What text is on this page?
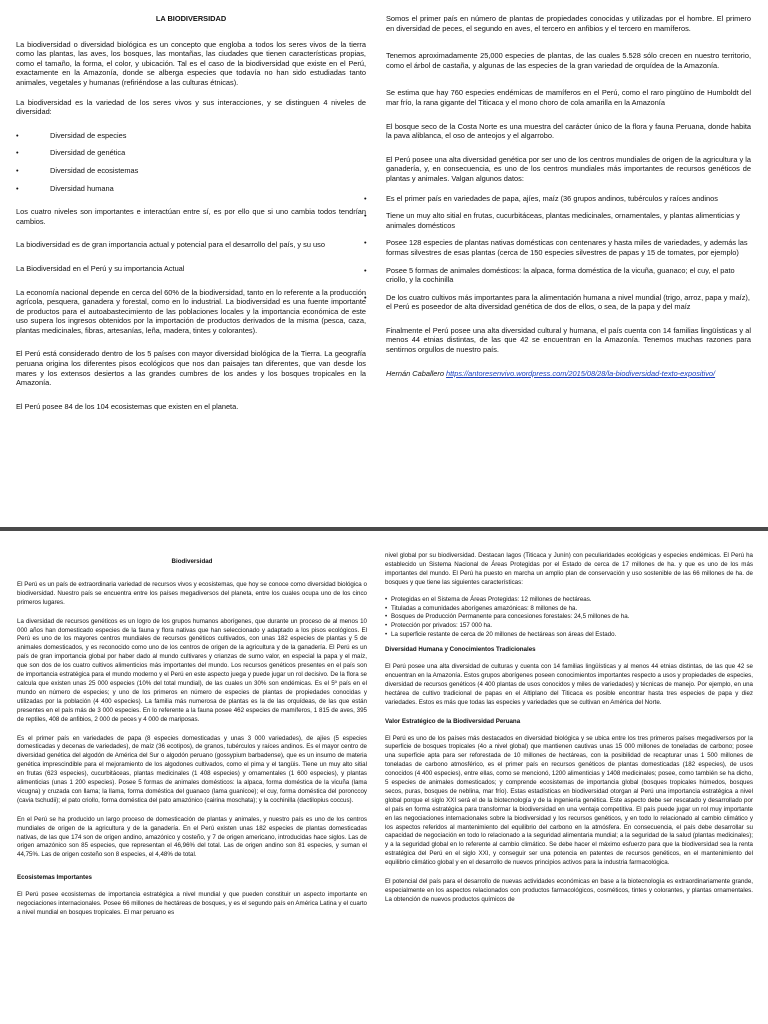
LA BIODIVERSIDAD

La biodiversidad o diversidad biológica es un concepto que engloba a todos los seres vivos de la tierra como las plantas, las aves, los bosques, las montañas, las ciudades que tienen características propias, como el tamaño, la forma, el color, y ubicación. Tal es el caso de la biodiversidad que existe en el Perú, exactamente en la Amazonía, donde se alberga especies que todavía no han sido estudiadas tanto animales, vegetales y humanas (refiriéndose a las culturas étnicas).

La biodiversidad es la variedad de los seres vivos y sus interacciones, y se distinguen 4 niveles de diversidad:

• Diversidad de especies
• Diversidad de genética
• Diversidad de ecosistemas
• Diversidad humana

Los cuatro niveles son importantes e interactúan entre sí, es por ello que si uno cambia todos tendrían cambios.

La biodiversidad es de gran importancia actual y potencial para el desarrollo del país, y su uso

La Biodiversidad en el Perú y su importancia Actual

La economía nacional depende en cerca del 60% de la biodiversidad, tanto en lo referente a la producción agrícola, pesquera, ganadera y forestal, como en lo industrial. La biodiversidad es una fuente importante de productos para el autoabastecimiento de las poblaciones locales y la importancia económica de este uso supera los ingresos obtenidos por la importación de productos derivados de la misma (pesca, caza, plantas medicinales, fibras, artesanías, leña, madera, tintes y colorantes).

El Perú está considerado dentro de los 5 países con mayor diversidad biológica de la Tierra. La geografía peruana origina los diferentes pisos ecológicos que nos dan paisajes tan diferentes, que van desde los mares y los extensos desiertos a las grandes cumbres de los andes y los bosques tropicales en la Amazonía.

El Perú posee 84 de los 104 ecosistemas que existen en el planeta.

Somos el primer país en número de plantas de propiedades conocidas y utilizadas por el hombre. El primero en diversidad de peces, el segundo en aves, el tercero en anfibios y el tercero en mamíferos.

Tenemos aproximadamente 25,000 especies de plantas, de las cuales 5.528 sólo crecen en nuestro territorio, como el árbol de castaña, y algunas de las especies de la gran variedad de orquídea de la Amazonía.

Se estima que hay 760 especies endémicas de mamíferos en el Perú, como el raro pingüino de Humboldt del mar frío, la rana gigante del Titicaca y el mono choro de cola amarilla en la Amazonía

El bosque seco de la Costa Norte es una muestra del carácter único de la flora y fauna Peruana, donde habita la pava aliblanca, el oso de anteojos y el algarrobo.

El Perú posee una alta diversidad genética por ser uno de los centros mundiales de origen de la agricultura y la ganadería, y, en consecuencia, es uno de los centros mundiales más importantes de recursos genéticos de plantas y animales. Valgan algunos datos:

• Es el primer país en variedades de papa, ajíes, maíz (36 grupos andinos, tubérculos y raíces andinos
• Tiene un muy alto sitial en frutas, cucurbitáceas, plantas medicinales, ornamentales, y plantas alimenticias y animales domésticos
• Posee 128 especies de plantas nativas domésticas con centenares y hasta miles de variedades, y además las formas silvestres de esas plantas (cerca de 150 especies silvestres de papas y 15 de tomates, por ejemplo)
• Posee 5 formas de animales domésticos: la alpaca, forma doméstica de la vicuña, guanaco; el cuy, el pato criollo, y la cochinilla
• De los cuatro cultivos más importantes para la alimentación humana a nivel mundial (trigo, arroz, papa y maíz), el Perú es poseedor de alta diversidad genética de dos de ellos, o sea, de la papa y del maíz

Finalmente el Perú posee una alta diversidad cultural y humana, el país cuenta con 14 familias lingüísticas y al menos 44 etnias distintas, de las que 42 se encuentran en la Amazonía. Tenemos muchas razones para sentirnos orgullos de nuestro país.

Hernán Caballero https://antoresenvivo.wordpress.com/2015/08/28/la-biodiversidad-texto-expositivo/

Biodiversidad

El Perú es un país de extraordinaria variedad de recursos vivos y ecosistemas, que hoy se conoce como diversidad biológica o biodiversidad. Nuestro país se encuentra entre los países megadiversos del planeta, entre los cuales ocupa uno de los cinco primeros lugares.

La diversidad de recursos genéticos es un logro de los grupos humanos aborígenes, que durante un proceso de al menos 10 000 años han domesticado especies de la fauna y flora nativas que han seleccionado y adaptado a los pisos ecológicos. El Perú es uno de los mayores centros mundiales de recursos genéticos cultivados, con unas 182 especies de plantas y 5 de animales domesticados, y es reconocido como uno de los centros de origen de la agricultura y de la ganadería. El Perú es un país de gran importancia global por haber dado al mundo cultivares y crianzas de sumo valor, en especial la papa y el maíz, que son dos de los cuatro cultivos alimenticios más importantes del mundo. Los recursos genéticos presentes en el país son de importancia estratégica para el mundo moderno y el Perú en este aspecto juega y puede jugar un rol decisivo. De la flora se calcula que existen unas 25 000 especies (10% del total mundial), de las cuales un 30% son endémicas. Es el 5º país en el mundo en número de especies; y uno de los primeros en número de especies de plantas de propiedades conocidas y utilizadas por la población (4 400 especies). La familia más numerosa de plantas es la de las orquídeas, de las que están presentes en el país más de 3 000 especies. En lo referente a la fauna posee 462 especies de mamíferos, 1 815 de aves, 395 de reptiles, 408 de anfibios, 2 000 de peces y 4 000 de mariposas.

Es el primer país en variedades de papa (8 especies domesticadas y unas 3 000 variedades), de ajíes (5 especies domesticadas y decenas de variedades), de maíz (36 ecotipos), de granos, tubérculos y raíces andinos. Es el mayor centro de diversidad genética del algodón de América del Sur o algodón peruano (gossypium barbadense), que es un insumo de materia genética imprescindible para el mejoramiento de los algodones cultivados, como el pima y el tangüis. Tiene un muy alto sitial en frutas (623 especies), cucurbitáceas, plantas medicinales (1 408 especies) y ornamentales (1 600 especies), y plantas alimenticias (unas 1 200 especies). Posee 5 formas de animales domésticos: la alpaca, forma doméstica de la vicuña (lama vicugna) y cruzada con llama; la llama, forma doméstica del guanaco (lama guanicoe); el cuy, forma doméstica del poronccoy (cavia tschudii); el pato criollo, forma doméstica del pato amazónico (cairina moschata); y la cochinilla (dactilopius coccus).

En el Perú se ha producido un largo proceso de domesticación de plantas y animales, y nuestro país es uno de los centros mundiales de origen de la agricultura y de la ganadería. En el Perú existen unas 182 especies de plantas domesticadas nativas, de las que 174 son de origen andino, amazónico y costeño, y 7 de origen americano, introducidas hace siglos. Las de origen amazónico son 85 especies, que representan el 46,96% del total. Las de origen andino son 81 especies, y suman el 44,75%. Las de origen costeño son 8 especies, el 4,48% de total.

Ecosistemas Importantes

El Perú posee ecosistemas de importancia estratégica a nivel mundial y que pueden constituir un aspecto importante en negociaciones internacionales. Posee 66 millones de hectáreas de bosques, y es el segundo país en América Latina y el cuarto a nivel mundial en bosques tropicales. El mar peruano es

nivel global por su biodiversidad. Destacan lagos (Titicaca y Junín) con peculiaridades ecológicas y especies endémicas. El Perú ha establecido un Sistema Nacional de Áreas Protegidas por el Estado de cerca de 17 millones de ha. y que es uno de los más importantes del mundo. El Perú ha puesto en marcha un amplio plan de conservación y uso sostenible de las 66 millones de ha. de bosques y que tiene las siguientes características:

• Protegidas en el Sistema de Áreas Protegidas: 12 millones de hectáreas.
• Tituladas a comunidades aborígenes amazónicas: 8 millones de ha.
• Bosques de Producción Permanente para concesiones forestales: 24,5 millones de ha.
• Protección por privados: 157 000 ha.
• La superficie restante de cerca de 20 millones de hectáreas son áreas del Estado.
Diversidad Humana y Conocimientos Tradicionales

El Perú posee una alta diversidad de culturas y cuenta con 14 familias lingüísticas y al menos 44 etnias distintas, de las que 42 se encuentran en la Amazonía. Estos grupos aborígenes poseen conocimientos importantes respecto a usos y propiedades de especies, diversidad de recursos genéticos (4 400 plantas de usos conocidos y miles de variedades) y técnicas de manejo. Por ejemplo, en una hectárea de cultivo tradicional de papas en el Altiplano del Titicaca es posible encontrar hasta tres especies de papa y diez variedades. Estos es más que todas las especies y variedades que se cultivan en América del Norte.

Valor Estratégico de la Biodiversidad Peruana

El Perú es uno de los países más destacados en diversidad biológica y se ubica entre los tres primeros países megadiversos por la superficie de bosques tropicales (4o a nivel global) que mantienen cautivas unas 15 000 millones de toneladas de carbono; posee una superficie apta para ser reforestada de 10 millones de hectáreas, con la posibilidad de recapturar unas 1 500 millones de toneladas de carbono atmosférico, es el primer país en recursos genéticos de plantas domesticadas (182 especies), de usos conocidos (4 400 especies), entre ellas, como se mencionó, 1200 alimenticias y 1408 medicinales; posee, como también se ha dicho, 5 especies de animales domesticados; y comprende ecosistemas de importancia global (bosques tropicales húmedos, bosques secos, puras, bosques de neblina, mar frío). Estas estadísticas en biodiversidad otorgan al Perú una importancia estratégica a nivel global porque el siglo XXI será el de la biotecnología y de la ingeniería genética. Este aspecto debe ser rescatado y desarrollado por el país en forma estratégica para transformar la biodiversidad en una ventaja competitiva. El país puede jugar un rol muy importante en las negociaciones internacionales sobre la biodiversidad y los recursos genéticos, y en todo lo relacionado al cambio climático y los aspectos referidos al mantenimiento del equilibrio del carbono en la atmósfera. En consecuencia, el país debe desarrollar su capacidad de negociación en todo lo relacionado a la seguridad alimentaria mundial; a la seguridad de la salud (plantas medicinales); y a la seguridad global en lo referente al cambio climático. Se debe hacer el máximo esfuerzo para que la biodiversidad sea la renta estratégica del Perú en el siglo XXI, y conseguir ser una potencia en patentes de recursos genéticos, en el mantenimiento del equilibrio climático global y en el desarrollo de nuevos principios activos para la industria farmacológica.

El potencial del país para el desarrollo de nuevas actividades económicas en base a la biotecnología es extraordinariamente grande, especialmente en los aspectos relacionados con productos farmacológicos, cosméticos, tintes y colorantes, y plantas ornamentales. La obtención de nuevos productos químicos de
